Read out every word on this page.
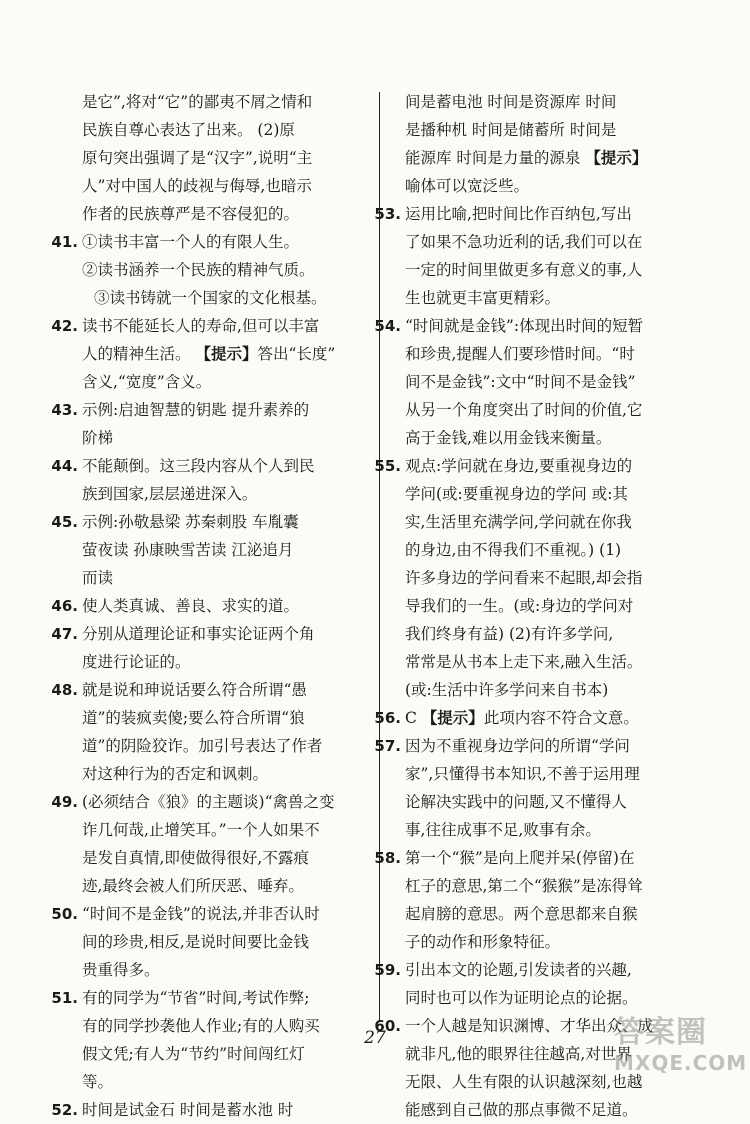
是它”,将对“它”的鄙夷不屑之情和
民族自尊心表达了出来。 (2)原
原句突出强调了是“汉字”,说明“主
人”对中国人的歧视与侮辱,也暗示
作者的民族尊严是不容侵犯的。
41. ①读书丰富一个人的有限人生。
②读书涵养一个民族的精神气质。
③读书铸就一个国家的文化根基。
42. 读书不能延长人的寿命,但可以丰富
人的精神生活。 【提示】答出“长度”
含义,“宽度”含义。
43. 示例:启迪智慧的钥匙 提升素养的
阶梯
44. 不能颠倒。这三段内容从个人到民
族到国家,层层递进深入。
45. 示例:孙敬悬梁 苏秦刺股 车胤囊
萤夜读 孙康映雪苦读 江泌追月
而读
46. 使人类真诚、善良、求实的道。
47. 分别从道理论证和事实论证两个角
度进行论证的。
48. 就是说和珅说话要么符合所谓“愚
道”的装疯卖傻;要么符合所谓“狼
道”的阴险狡诈。加引号表达了作者
对这种行为的否定和讽刺。
49. (必须结合《狼》的主题谈)“禽兽之变
诈几何哉,止增笑耳。”一个人如果不
是发自真情,即使做得很好,不露痕
迹,最终会被人们所厌恶、唾弃。
50. “时间不是金钱”的说法,并非否认时
间的珍贵,相反,是说时间要比金钱
贵重得多。
51. 有的同学为“节省”时间,考试作弊;
有的同学抄袭他人作业;有的人购买
假文凭;有人为“节约”时间闯红灯
等。
52. 时间是试金石 时间是蓄水池 时
间是蓄电池 时间是资源库 时间
是播种机 时间是储蓄所 时间是
能源库 时间是力量的源泉 【提示】
喻体可以宽泛些。
53. 运用比喻,把时间比作百纳包,写出
了如果不急功近利的话,我们可以在
一定的时间里做更多有意义的事,人
生也就更丰富更精彩。
54. “时间就是金钱”:体现出时间的短暂
和珍贵,提醒人们要珍惜时间。“时
间不是金钱”:文中“时间不是金钱”
从另一个角度突出了时间的价值,它
高于金钱,难以用金钱来衡量。
55. 观点:学问就在身边,要重视身边的
学问(或:要重视身边的学问 或:其
实,生活里充满学问,学问就在你我
的身边,由不得我们不重视。) (1)
许多身边的学问看来不起眼,却会指
导我们的一生。(或:身边的学问对
我们终身有益) (2)有许多学问,
常常是从书本上走下来,融入生活。
(或:生活中许多学问来自书本)
56. C 【提示】此项内容不符合文意。
57. 因为不重视身边学问的所谓“学问
家”,只懂得书本知识,不善于运用理
论解决实践中的问题,又不懂得人
事,往往成事不足,败事有余。
58. 第一个“猴”是向上爬并呆(停留)在
杠子的意思,第二个“猴猴”是冻得耸
起肩膀的意思。两个意思都来自猴
子的动作和形象特征。
59. 引出本文的论题,引发读者的兴趣,
同时也可以作为证明论点的论据。
60. 一个人越是知识渊博、才华出众、成
就非凡,他的眼界往往越高,对世界
无限、人生有限的认识越深刻,也越
能感到自己做的那点事微不足道。
27	答案圈
MXQE.COM
